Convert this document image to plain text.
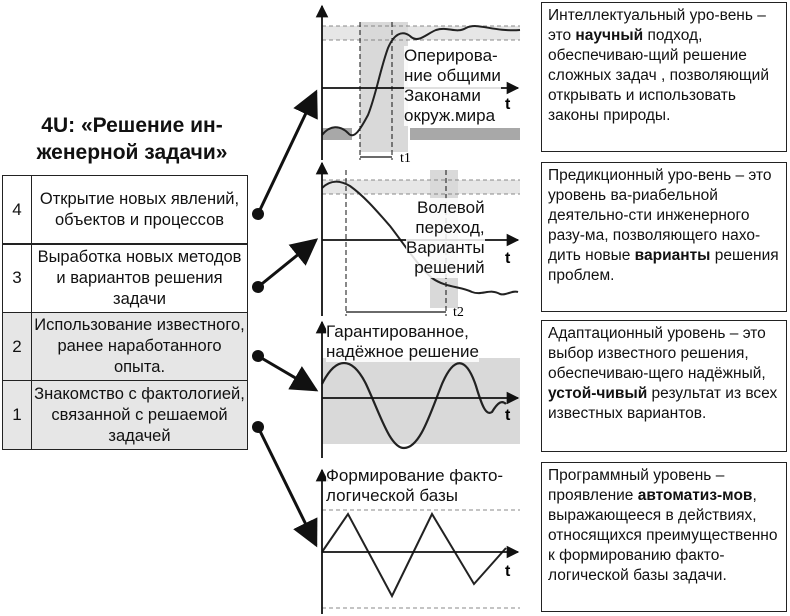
4U: «Решение ин-
женерной задачи»
4
Открытие новых явлений, объектов и процессов
3
Выработка новых методов и вариантов решения задачи
2
Использование известного, ранее наработанного опыта.
1
Знакомство с фактологией, связанной с решаемой задачей
t
t1
t
t2
t
t
Оперирова-
ние общими
Законами
окруж.мира
Волевой
переход,
Варианты
решений
Гарантированное,
надёжное решение
Формирование факто-
логической базы
Интеллектуальный уро-вень – это научный подход, обеспечиваю-щий решение сложных задач , позволяющий открывать и использовать законы природы.
Предикционный уро-вень – это уровень ва-риабельной деятельно-сти инженерного разу-ма, позволяющего нахо-дить новые варианты решения проблем.
Адаптационный уровень – это выбор известного решения, обеспечиваю-щего надёжный, устой-чивый результат из всех известных вариантов.
Программный уровень – проявление автоматиз-мов, выражающееся в действиях, относящихся преимущественно к формированию факто-логической базы задачи.
